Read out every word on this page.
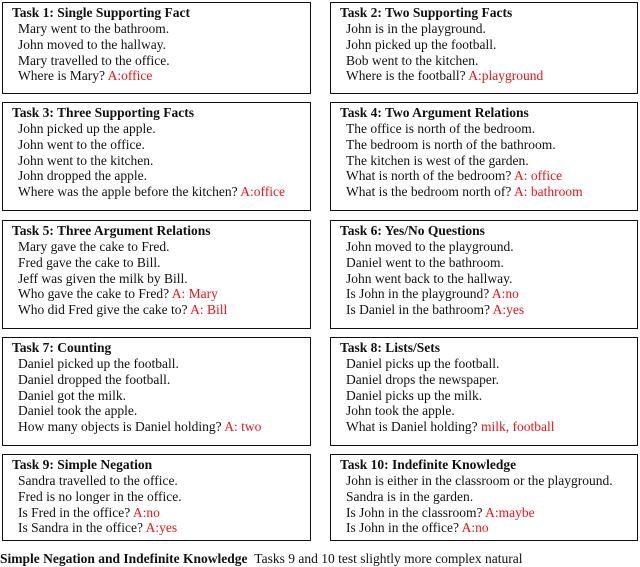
Task 1: Single Supporting Fact
Mary went to the bathroom.
John moved to the hallway.
Mary travelled to the office.
Where is Mary? A:office
Task 2: Two Supporting Facts
John is in the playground.
John picked up the football.
Bob went to the kitchen.
Where is the football? A:playground
Task 3: Three Supporting Facts
John picked up the apple.
John went to the office.
John went to the kitchen.
John dropped the apple.
Where was the apple before the kitchen? A:office
Task 4: Two Argument Relations
The office is north of the bedroom.
The bedroom is north of the bathroom.
The kitchen is west of the garden.
What is north of the bedroom? A: office
What is the bedroom north of? A: bathroom
Task 5: Three Argument Relations
Mary gave the cake to Fred.
Fred gave the cake to Bill.
Jeff was given the milk by Bill.
Who gave the cake to Fred? A: Mary
Who did Fred give the cake to? A: Bill
Task 6: Yes/No Questions
John moved to the playground.
Daniel went to the bathroom.
John went back to the hallway.
Is John in the playground? A:no
Is Daniel in the bathroom? A:yes
Task 7: Counting
Daniel picked up the football.
Daniel dropped the football.
Daniel got the milk.
Daniel took the apple.
How many objects is Daniel holding? A: two
Task 8: Lists/Sets
Daniel picks up the football.
Daniel drops the newspaper.
Daniel picks up the milk.
John took the apple.
What is Daniel holding? milk, football
Task 9: Simple Negation
Sandra travelled to the office.
Fred is no longer in the office.
Is Fred in the office? A:no
Is Sandra in the office? A:yes
Task 10: Indefinite Knowledge
John is either in the classroom or the playground.
Sandra is in the garden.
Is John in the classroom? A:maybe
Is John in the office? A:no
Simple Negation and Indefinite Knowledge Tasks 9 and 10 test slightly more complex natural
